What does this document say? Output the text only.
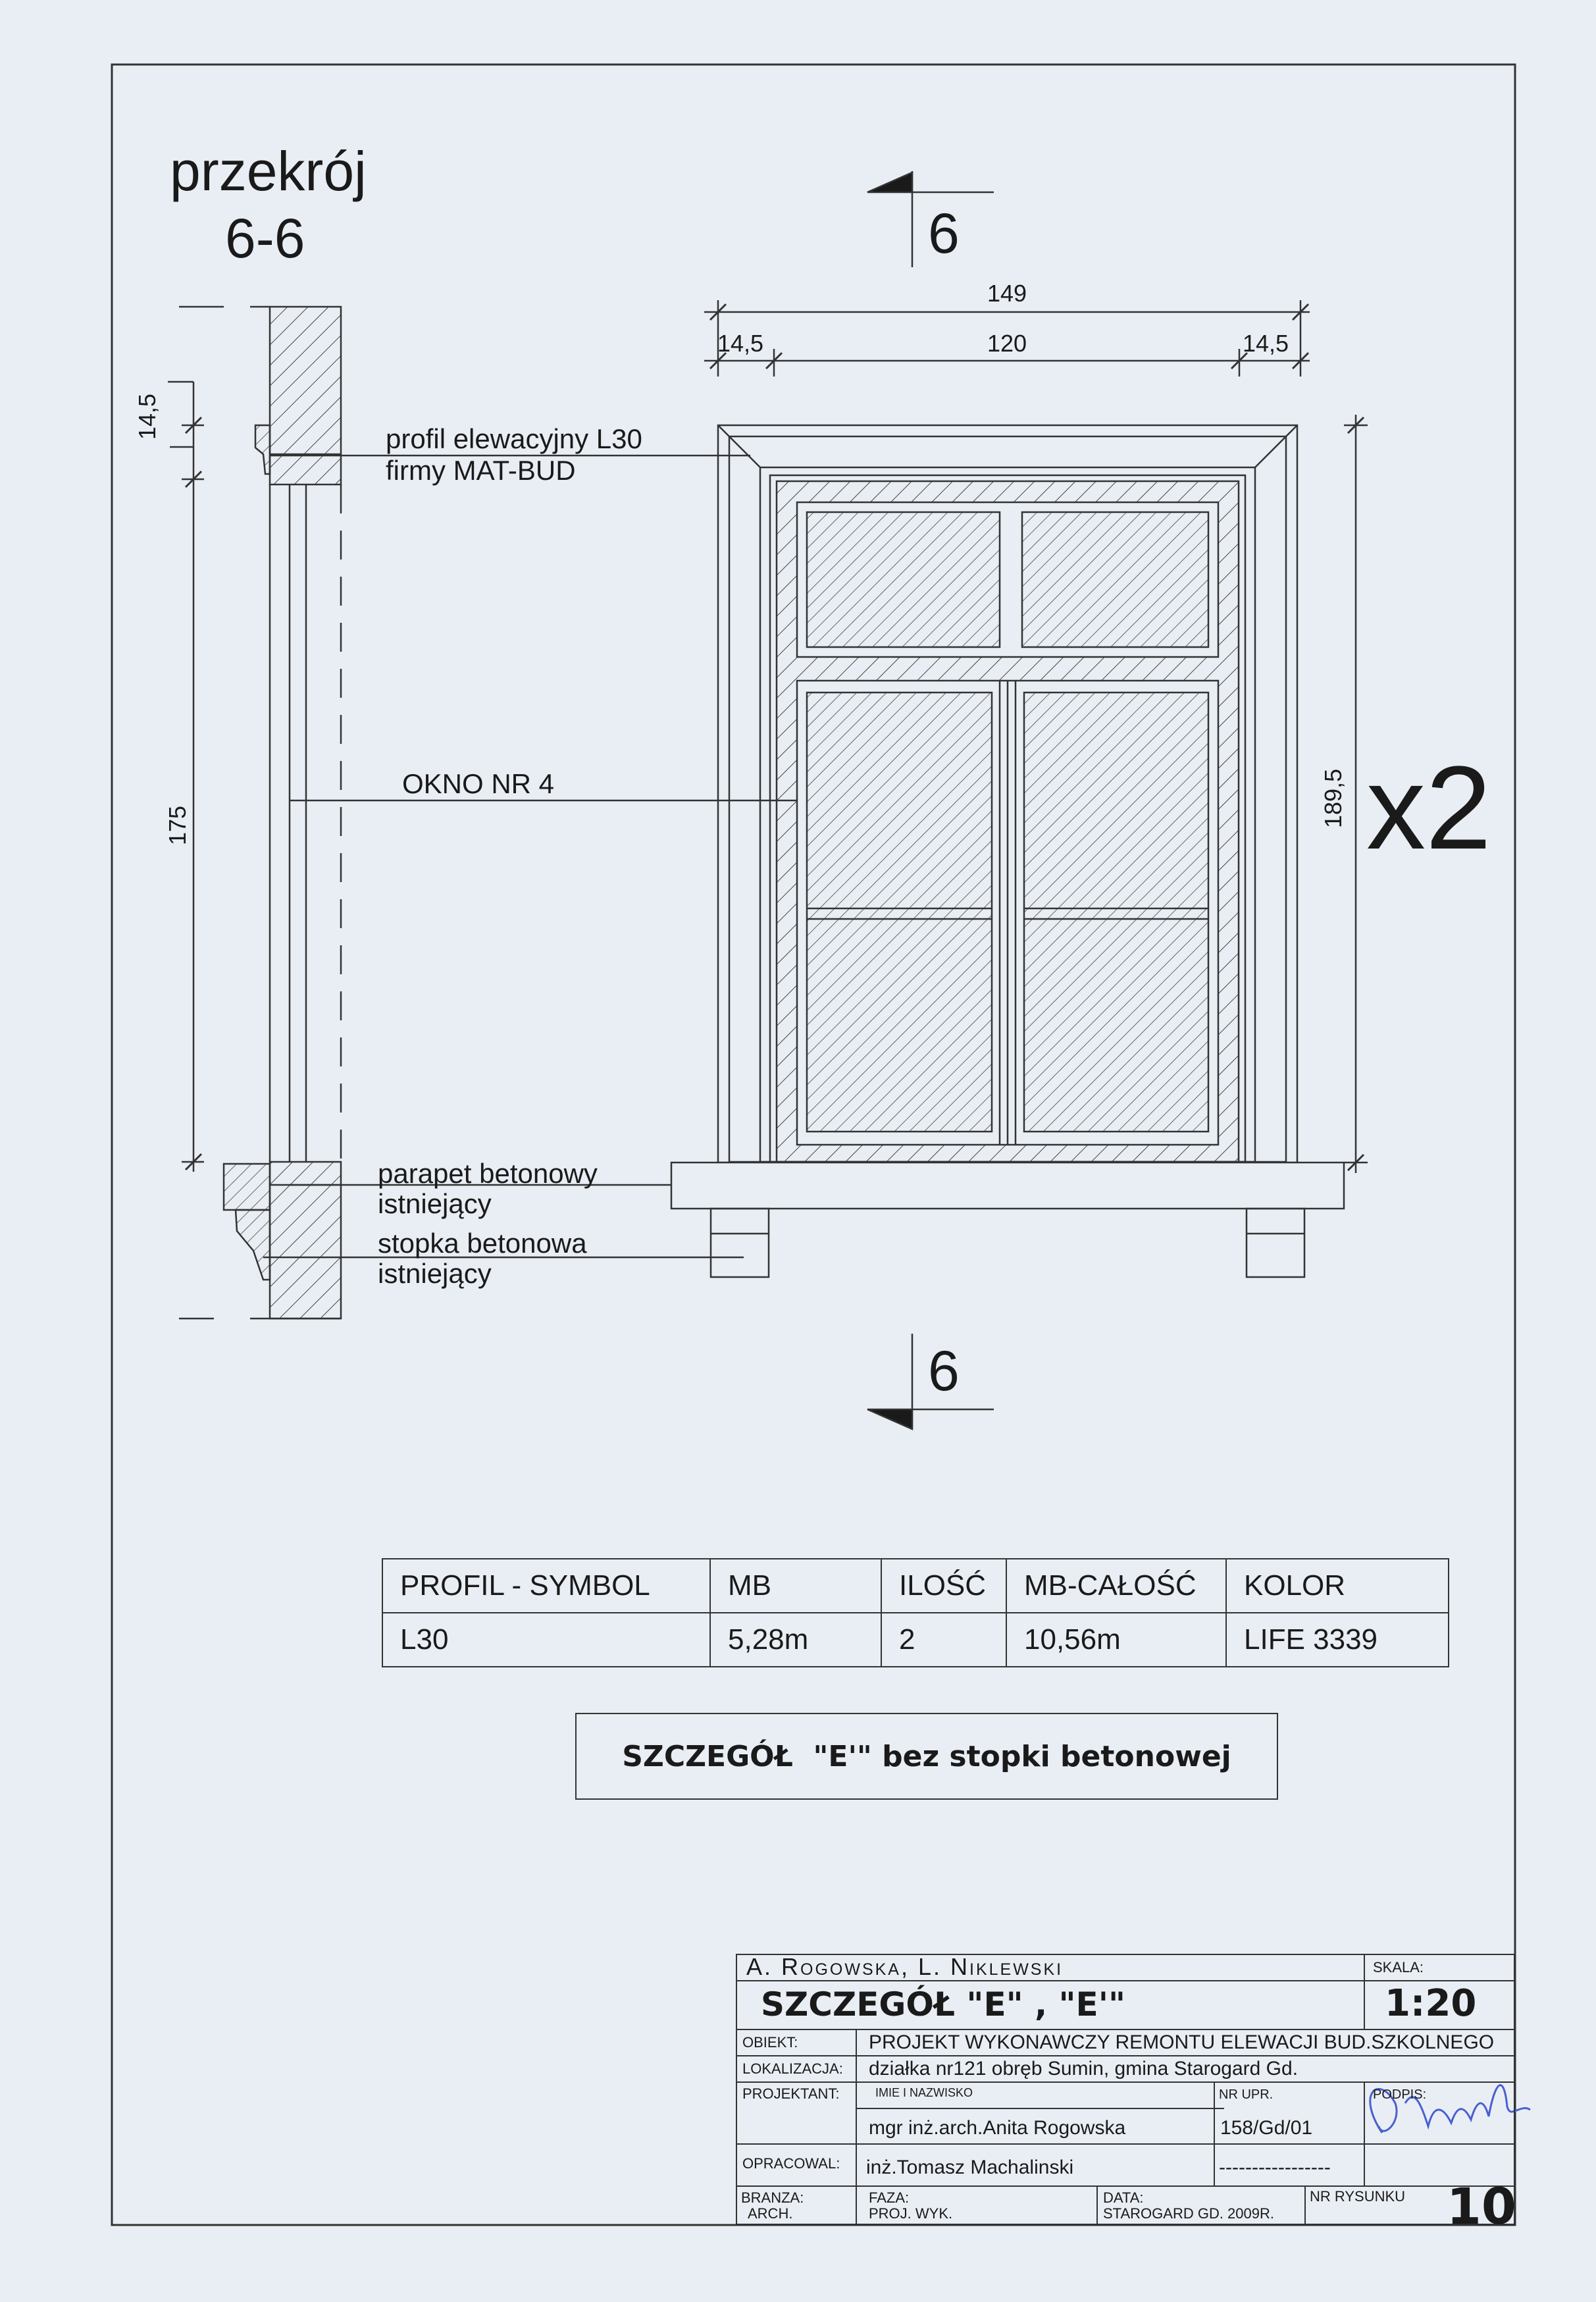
przekrój
6-6	6
6
x2
149
14,5	120	14,5
189,5
14,5
175
profil elewacyjny L30
firmy MAT-BUD
OKNO NR 4
parapet betonowy
istniejący
stopka betonowa
istniejący
PROFIL - SYMBOL	MB	ILOŚĆ	MB-CAŁOŚĆ	KOLOR
L30	5,28m	2	10,56m	LIFE 3339
SZCZEGÓŁ  "E'" bez stopki betonowej
A. Rogowska, L. Niklewski	SKALA:
SZCZEGÓŁ "E" , "E'"	1:20
OBIEKT:	PROJEKT WYKONAWCZY REMONTU ELEWACJI BUD.SZKOLNEGO
LOKALIZACJA: działka nr121 obręb Sumin, gmina Starogard Gd.
PROJEKTANT:	IMIE I NAZWISKO	NR UPR.	PODPIS:
mgr inż.arch.Anita Rogowska	158/Gd/01
OPRACOWAL: inż.Tomasz Machalinski	-----------------
BRANZA:
ARCH.
FAZA:
PROJ. WYK.
DATA:
STAROGARD GD. 2009R.
NR RYSUNKU 10
